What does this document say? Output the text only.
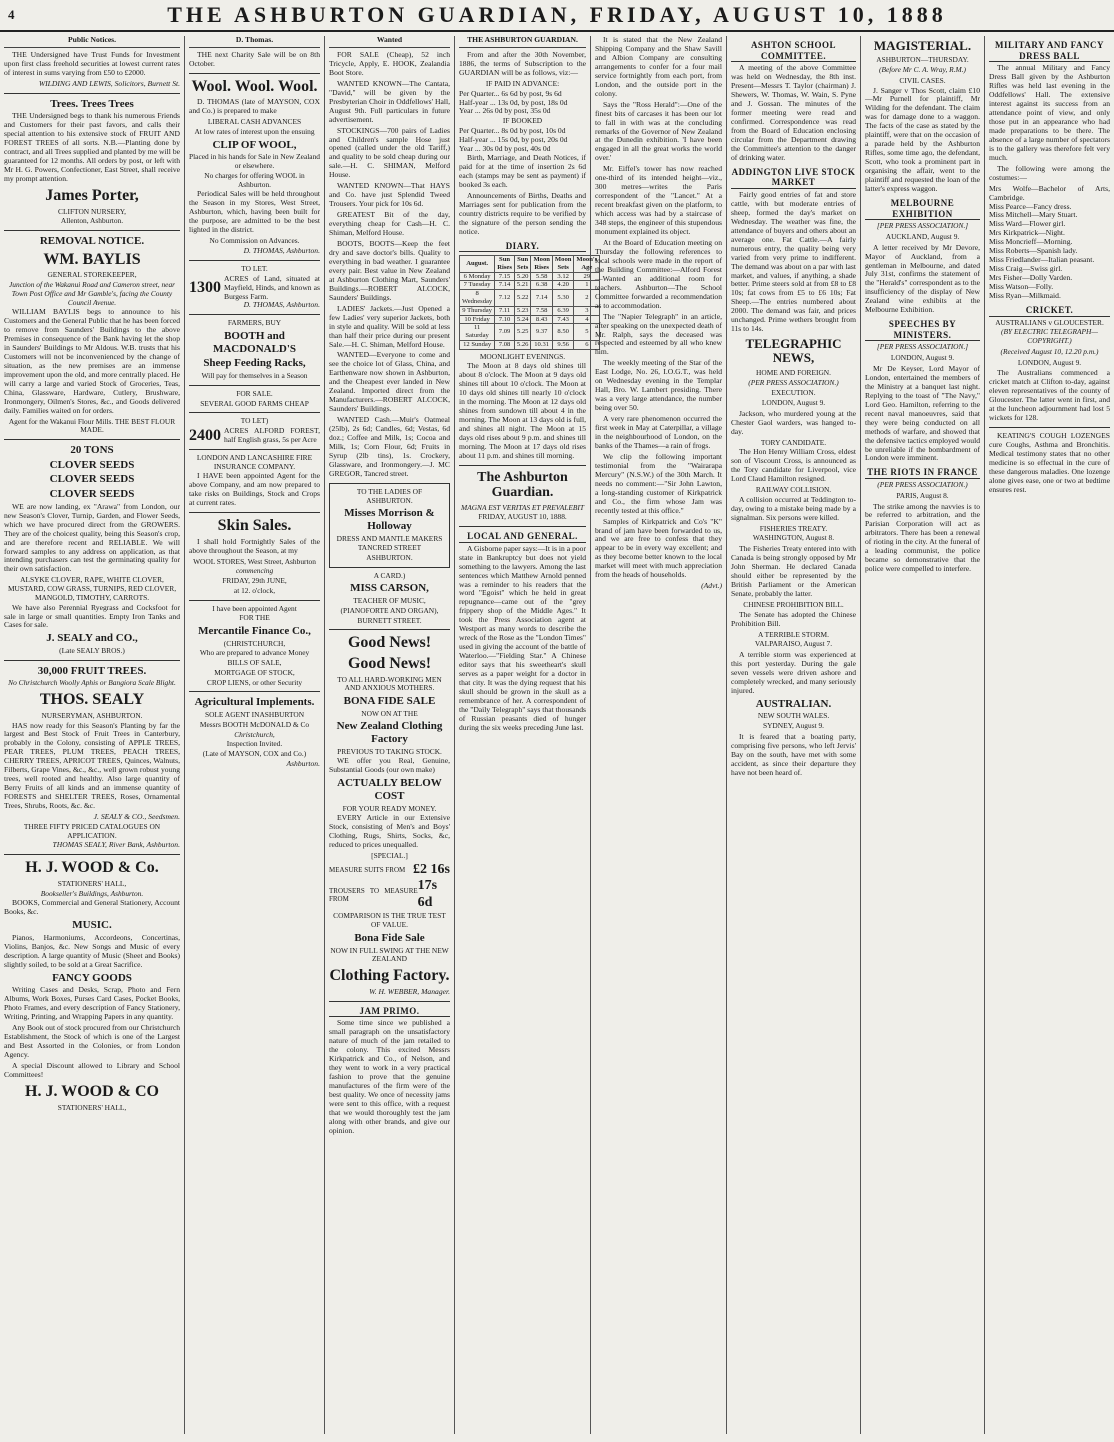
4	THE ASHBURTON GUARDIAN, FRIDAY, AUGUST 10, 1888
Public Notices.
THE Undersigned have Trust Funds for Investment upon first class freehold securities at lowest current rates of interest in sums varying from £50 to £2000.
WILDING AND LEWIS, Solicitors, Burnett St.
Trees. Trees Trees
THE Undersigned begs to thank his numerous Friends and Customers for their past favors, and calls their special attention to his extensive stock of FRUIT AND FOREST TREES of all sorts. N.B.—Planting done by contract, and all Trees supplied and planted by me will be guaranteed for 12 months. All orders by post, or left with Mr H. G. Powers, Confectioner, East Street, shall receive my prompt attention.
James Porter,
CLIFTON NURSERY,
Allenton, Ashburton.
REMOVAL NOTICE.
WM. BAYLIS
GENERAL STOREKEEPER,
Junction of the Wakanui Road and Cameron street, near Town Post Office and Mr Gamble's, facing the County Council Avenue.
WILLIAM BAYLIS begs to announce to his Customers and the General Public that he has been forced to remove from Saunders' Buildings to the above Premises in consequence of the Bank having let the shop in Saunders' Buildings to Mr Aldous. W.B. trusts that his Customers will not be inconvenienced by the change of situation, as the new premises are an immense improvement upon the old, and more centrally placed. He will carry a large and varied Stock of Groceries, Teas, China, Glassware, Hardware, Cutlery, Brushware, Ironmongery, Oilmen's Stores, &c., and Goods delivered daily. Families waited on for orders.
Agent for the Wakanui Flour Mills. THE BEST FLOUR MADE.
20 TONS
CLOVER SEEDS
CLOVER SEEDS
CLOVER SEEDS
WE are now landing, ex "Arawa" from London, our new Season's Clover, Turnip, Garden, and Flower Seeds, which we have procured direct from the GROWERS. They are of the choicest quality, being this Season's crop, and are therefore recent and RELIABLE. We will forward samples to any address on application, as that intending purchasers can test the germinating quality for their own satisfaction.
ALSYKE CLOVER, RAPE, WHITE CLOVER, MUSTARD, COW GRASS, TURNIPS, RED CLOVER, MANGOLD, TIMOTHY, CARROTS.
We have also Perennial Ryegrass and Cocksfoot for sale in large or small quantities. Empty Iron Tanks and Cases for sale.
J. SEALY and CO.,
(Late SEALY BROS.)
30,000 FRUIT TREES.
No Christchurch Woolly Aphis or Bangiora Scale Blight.
THOS. SEALY
NURSERYMAN, ASHBURTON.
HAS now ready for this Season's Planting by far the largest and Best Stock of Fruit Trees in Canterbury, probably in the Colony, consisting of APPLE TREES, PEAR TREES, PLUM TREES, PEACH TREES, CHERRY TREES, APRICOT TREES, Quinces, Walnuts, Filberts, Grape Vines, &c., &c., well grown robust young trees, well rooted and healthy. Also large quantity of Berry Fruits of all kinds and an immense quantity of FORESTS and SHELTER TREES, Roses, Ornamental Trees, Shrubs, Roots, &c. &c.
J. SEALY & CO., Seedsmen.
THREE FIFTY PRICED CATALOGUES ON APPLICATION.
THOMAS SEALY, River Bank, Ashburton.
H. J. WOOD & Co.
STATIONERS' HALL,
Bookseller's Buildings, Ashburton.
BOOKS, Commercial and General Stationery, Account Books, &c.
MUSIC.
Pianos, Harmoniums, Accordeons, Concertinas, Violins, Banjos, &c. New Songs and Music of every description. A large quantity of Music (Sheet and Books) slightly soiled, to be sold at a Great Sacrifice.
FANCY GOODS
Writing Cases and Desks, Scrap, Photo and Fern Albums, Work Boxes, Purses Card Cases, Pocket Books, Photo Frames, and every description of Fancy Stationery, Writing, Printing, and Wrapping Papers in any quantity.
Any Book out of stock procured from our Christchurch Establishment, the Stock of which is one of the Largest and Best Assorted in the Colonies, or from London Agency.
A special Discount allowed to Library and School Committees!
H. J. WOOD & CO
STATIONERS' HALL,
D. Thomas.
THE next Charity Sale will be on 8th October.
Wool. Wool. Wool.
D. THOMAS (late of MAYSON, COX and Co.) is prepared to make
LIBERAL CASH ADVANCES
At low rates of interest upon the ensuing
CLIP OF WOOL,
Placed in his hands for Sale in New Zealand or elsewhere.
No charges for offering WOOL in Ashburton.
Periodical Sales will be held throughout the Season in my Stores, West Street, Ashburton, which, having been built for the purpose, are admitted to be the best lighted in the district.
No Commission on Advances.
D. THOMAS, Ashburton.
TO LET.
1300
ACRES of Land, situated at Mayfield, Hinds, and known as Burgess Farm.
D. THOMAS, Ashburton.
FARMERS, BUY
BOOTH and MACDONALD'S
Sheep Feeding Racks,
Will pay for themselves in a Season
FOR SALE.
SEVERAL GOOD FARMS CHEAP
TO LET)
2400 ACRES ALFORD FOREST, half English grass, 5s per Acre
LONDON AND LANCASHIRE FIRE INSURANCE COMPANY.
I HAVE been appointed Agent for the above Company, and am now prepared to take risks on Buildings, Stock and Crops at current rates.
Skin Sales.
I shall hold Fortnightly Sales of the above throughout the Season, at my
WOOL STORES, West Street, Ashburton
commencing
FRIDAY, 29th JUNE,
at 12. o'clock,
I have been appointed Agent
FOR THE
Mercantile Finance Co.,
(CHRISTCHURCH,
Who are prepared to advance Money
BILLS OF SALE,
MORTGAGE OF STOCK,
CROP LIENS, or other Security
Agricultural Implements.
SOLE AGENT INASHBURTON
Messrs BOOTH McDONALD & Co
Christchurch,
Inspection Invited.
(Late of MAYSON, COX and Co.)
Ashburton.
Wanted
FOR SALE (Cheap), 52 inch Tricycle, Apply, E. HOOK, Zealandia Boot Store.
WANTED KNOWN—The Cantata, "David," will be given by the Presbyterian Choir in Oddfellows' Hall, August 9th. Full particulars in future advertisement.
STOCKINGS—700 pairs of Ladies and Children's sample Hose just opened (called under the old Tariff,) and quality to be sold cheap during our sale.—H. C. SHIMAN, Melford House.
WANTED KNOWN—That HAYS and Co. have just Splendid Tweed Trousers. Your pick for 10s 6d.
GREATEST Bit of the day, everything cheap for Cash—H. C. Shiman, Melford House.
BOOTS, BOOTS—Keep the feet dry and save doctor's bills. Quality to everything in bad weather. I guarantee every pair. Best value in New Zealand at Ashburton Clothing Mart, Saunders' Buildings.—ROBERT ALCOCK, Saunders' Buildings.
LADIES' Jackets.—Just Opened a few Ladies' very superior Jackets, both in style and quality. Will be sold at less than half their price during our present Sale.—H. C. Shiman, Melford House.
WANTED—Everyone to come and see the choice lot of Glass, China, and Earthenware now shown in Ashburton, and the Cheapest ever landed in New Zealand. Imported direct from the Manufacturers.—ROBERT ALCOCK, Saunders' Buildings.
WANTED Cash.—Muir's Oatmeal (25lb), 2s 6d; Candles, 6d; Vestas, 6d doz.; Coffee and Milk, 1s; Cocoa and Milk, 1s; Corn Flour, 6d; Fruits in Syrup (2lb tins), 1s. Crockery, Glassware, and Ironmongery.—J. MC GREGOR, Tancred street.
TO THE LADIES OF ASHBURTON.
Misses Morrison & Holloway
DRESS AND MANTLE MAKERS
TANCRED STREET
ASHBURTON.
A CARD.)
MISS CARSON,
TEACHER OF MUSIC,
(PIANOFORTE AND ORGAN),
BURNETT STREET.
Good News!
Good News!
TO ALL HARD-WORKING MEN AND ANXIOUS MOTHERS.
BONA FIDE SALE
NOW ON AT THE
New Zealand Clothing Factory
PREVIOUS TO TAKING STOCK.
WE offer you Real, Genuine, Substantial Goods (our own make)
ACTUALLY BELOW COST
FOR YOUR READY MONEY.
EVERY Article in our Extensive Stock, consisting of Men's and Boys' Clothing, Rugs, Shirts, Socks, &c, reduced to prices unequalled.
[SPECIAL.]
MEASURE SUITS FROM £2 16s
TROUSERS TO MEASURE FROM
17s 6d
COMPARISON IS THE TRUE TEST OF VALUE.
Bona Fide Sale
NOW IN FULL SWING AT THE NEW ZEALAND
Clothing Factory.
W. H. WEBBER, Manager.
JAM PRIMO.
Some time since we published a small paragraph on the unsatisfactory nature of much of the jam retailed to the colony. This excited Messrs Kirkpatrick and Co., of Nelson, and they went to work in a very practical fashion to prove that the genuine manufactures of the firm were of the best quality. We once of necessity jams were sent to this office, with a request that we would thoroughly test the jam along with other brands, and give our opinion.
THE ASHBURTON GUARDIAN.
From and after the 30th November, 1886, the terms of Subscription to the GUARDIAN will be as follows, viz:—
IF PAID IN ADVANCE:
Per Quarter... 6s 6d by post, 9s 6d
Half-year ... 13s 0d, by post, 18s 0d
Year ... 26s 0d by post, 35s 0d
IF BOOKED
Per Quarter... 8s 0d by post, 10s 0d
Half-year ... 15s 0d, by post, 20s 0d
Year ... 30s 0d by post, 40s 0d
Birth, Marriage, and Death Notices, if paid for at the time of insertion 2s 6d each (stamps may be sent as payment) if booked 3s each.
Announcements of Births, Deaths and Marriages sent for publication from the country districts require to be verified by the signature of the person sending the notice.
DIARY.
August.	Sun Rises	Sun Sets	Moon Rises	Moon Sets	Moon's Age
6 Monday	7.15	5.20	5.58	3.12	29
7 Tuesday	7.14	5.21	6.38	4.20	1
8 Wednesday	7.12	5.22	7.14	5.30	2
9 Thursday	7.11	5.23	7.58	6.39	3
10 Friday	7.10	5.24	8.43	7.43	4
11 Saturday	7.09	5.25	9.37	8.50	5
12 Sunday	7.08	5.26	10.31	9.56	6
MOONLIGHT EVENINGS.
The Moon at 8 days old shines till about 8 o'clock. The Moon at 9 days old shines till about 10 o'clock. The Moon at 10 days old shines till nearly 10 o'clock in the morning. The Moon at 12 days old shines from sundown till about 4 in the morning. The Moon at 13 days old is full, and shines all night. The Moon at 15 days old rises about 9 p.m. and shines till morning. The Moon at 17 days old rises about 11 p.m. and shines till morning.
The Ashburton Guardian.
MAGNA EST VERITAS ET PREVALEBIT
FRIDAY, AUGUST 10, 1888.
LOCAL AND GENERAL.
A Gisborne paper says:—It is in a poor state in Bankruptcy but does not yield something to the lawyers. Among the last sentences which Matthew Arnold penned was a reminder to his readers that the word "Egoist" which he held in great repugnance—came out of the "grey frippery shop of the Middle Ages." It took the Press Association agent at Westport as many words to describe the wreck of the Rose as the "London Times" used in giving the account of the battle of Waterloo.—"Fielding Star." A Chinese editor says that his sweetheart's skull serves as a paper weight for a doctor in that city. It was the dying request that his skull should be grown in the skull as a remembrance of her. A correspondent of the "Daily Telegraph" says that thousands of Russian peasants died of hunger during the six weeks preceding June last.
It is stated that the New Zealand Shipping Company and the Shaw Savill and Albion Company are consulting arrangements to confer for a four mail service fortnightly from each port, from London, and the outside port in the colony.
Says the "Ross Herald":—One of the finest bits of carcases it has been our lot to fall in with was at the concluding remarks of the Governor of New Zealand at the Dunedin exhibition. 'I have been engaged in all the great works the world over.'
Mr. Eiffel's tower has now reached one-third of its intended height—viz., 300 metres—writes the Paris correspondent of the "Lancet." At a recent breakfast given on the platform, to which access was had by a staircase of 348 steps, the engineer of this stupendous monument explained its object.
At the Board of Education meeting on Thursday the following references to local schools were made in the report of the Building Committee:—Alford Forest—Wanted an additional room for teachers. Ashburton—The School Committee forwarded a recommendation as to accommodation.
The "Napier Telegraph" in an article, after speaking on the unexpected death of Mr. Ralph, says the deceased was respected and esteemed by all who knew him.
The weekly meeting of the Star of the East Lodge, No. 26, I.O.G.T., was held on Wednesday evening in the Templar Hall, Bro. W. Lambert presiding. There was a very large attendance, the number being over 50.
A very rare phenomenon occurred the first week in May at Caterpillar, a village in the neighbourhood of London, on the banks of the Thames—a rain of frogs.
We clip the following important testimonial from the "Wairarapa Mercury" (N.S.W.) of the 30th March. It needs no comment:—"Sir John Lawton, a long-standing customer of Kirkpatrick and Co., the firm whose Jam was recently tested at this office."
Samples of Kirkpatrick and Co's "K" brand of jam have been forwarded to us, and we are free to confess that they appear to be in every way excellent; and as they become better known to the local market will meet with much appreciation from the heads of households.
(Advt.)
ASHTON SCHOOL COMMITTEE.
A meeting of the above Committee was held on Wednesday, the 8th inst. Present—Messrs T. Taylor (chairman) J. Shewers, W. Thomas, W. Wain, S. Pyne and J. Gossan. The minutes of the former meeting were read and confirmed. Correspondence was read from the Board of Education enclosing circular from the Department drawing the Committee's attention to the danger of drinking water.
ADDINGTON LIVE STOCK MARKET
Fairly good entries of fat and store cattle, with but moderate entries of sheep, formed the day's market on Wednesday. The weather was fine, the attendance of buyers and others about an average one. Fat Cattle.—A fairly numerous entry, the quality being very varied from very prime to indifferent. The demand was about on a par with last market, and values, if anything, a shade better. Prime steers sold at from £8 to £8 10s; fat cows from £5 to £6 10s; Fat Sheep.—The entries numbered about 2000. The demand was fair, and prices unchanged. Prime wethers brought from 11s to 14s.
TELEGRAPHIC NEWS,
HOME AND FOREIGN.
(PER PRESS ASSOCIATION.)
EXECUTION.
LONDON, August 9.
Jackson, who murdered young at the Chester Gaol warders, was hanged to-day.
TORY CANDIDATE.
The Hon Henry William Cross, eldest son of Viscount Cross, is announced as the Tory candidate for Liverpool, vice Lord Claud Hamilton resigned.
RAILWAY COLLISION.
A collision occurred at Teddington to-day, owing to a mistake being made by a signalman. Six persons were killed.
FISHERIES TREATY.
WASHINGTON, August 8.
The Fisheries Treaty entered into with Canada is being strongly opposed by Mr John Sherman. He declared Canada should either be represented by the British Parliament or the American Senate, probably the latter.
CHINESE PROHIBITION BILL.
The Senate has adopted the Chinese Prohibition Bill.
A TERRIBLE STORM.
VALPARAISO, August 7.
A terrible storm was experienced at this port yesterday. During the gale seven vessels were driven ashore and completely wrecked, and many seriously injured.
AUSTRALIAN.
NEW SOUTH WALES.
SYDNEY, August 9.
It is feared that a boating party, comprising five persons, who left Jervis' Bay on the south, have met with some accident, as since their departure they have not been heard of.
MAGISTERIAL.
ASHBURTON—THURSDAY.
(Before Mr C. A. Wray, R.M.)
CIVIL CASES.
J. Sanger v Thos Scott, claim £10—Mr Purnell for plaintiff, Mr Wilding for the defendant. The claim was for damage done to a waggon. The facts of the case as stated by the plaintiff, were that on the occasion of a parade held by the Ashburton Rifles, some time ago, the defendant, Scott, who took a prominent part in organising the affair, went to the plaintiff and requested the loan of the latter's express waggon.
MELBOURNE EXHIBITION
[PER PRESS ASSOCIATION.]
AUCKLAND, August 9.
A letter received by Mr Devore, Mayor of Auckland, from a gentleman in Melbourne, and dated July 31st, confirms the statement of the "Herald's" correspondent as to the insufficiency of the display of New Zealand wine exhibits at the Melbourne Exhibition.
SPEECHES BY MINISTERS.
[PER PRESS ASSOCIATION.]
LONDON, August 9.
Mr De Keyser, Lord Mayor of London, entertained the members of the Ministry at a banquet last night. Replying to the toast of "The Navy," Lord Geo. Hamilton, referring to the recent naval manoeuvres, said that they were being conducted on all methods of warfare, and showed that the defensive tactics employed would be unreliable if the bombardment of London were imminent.
THE RIOTS IN FRANCE
(PER PRESS ASSOCIATION.)
PARIS, August 8.
The strike among the navvies is to be referred to arbitration, and the Parisian Corporation will act as arbitrators. There has been a renewal of rioting in the city. At the funeral of a leading communist, the police became so demonstrative that the police were compelled to interfere.
MILITARY AND FANCY DRESS BALL
The annual Military and Fancy Dress Ball given by the Ashburton Rifles was held last evening in the Oddfellows' Hall. The extensive interest against its success from an attendance point of view, and only those put in an appearance who had made preparations to be there. The absence of a large number of spectators is to the gallery was therefore felt very much.
The following were among the costumes:—
Mrs Wolfe—Bachelor of Arts, Cambridge.
Miss Pearce—Fancy dress.
Miss Mitchell—Mary Stuart.
Miss Ward—Flower girl.
Mrs Kirkpatrick—Night.
Miss Moncrieff—Morning.
Miss Roberts—Spanish lady.
Miss Friedlander—Italian peasant.
Miss Craig—Swiss girl.
Mrs Fisher—Dolly Varden.
Miss Watson—Folly.
Miss Ryan—Milkmaid.
CRICKET.
AUSTRALIANS v GLOUCESTER.
(BY ELECTRIC TELEGRAPH—COPYRIGHT.)
(Received August 10, 12.20 p.m.)
LONDON, August 9.
The Australians commenced a cricket match at Clifton to-day, against eleven representatives of the county of Gloucester. The latter went in first, and at the luncheon adjournment had lost 5 wickets for 128.
KEATING'S COUGH LOZENGES cure Coughs, Asthma and Bronchitis. Medical testimony states that no other medicine is so effectual in the cure of these dangerous maladies. One lozenge alone gives ease, one or two at bedtime ensures rest.
